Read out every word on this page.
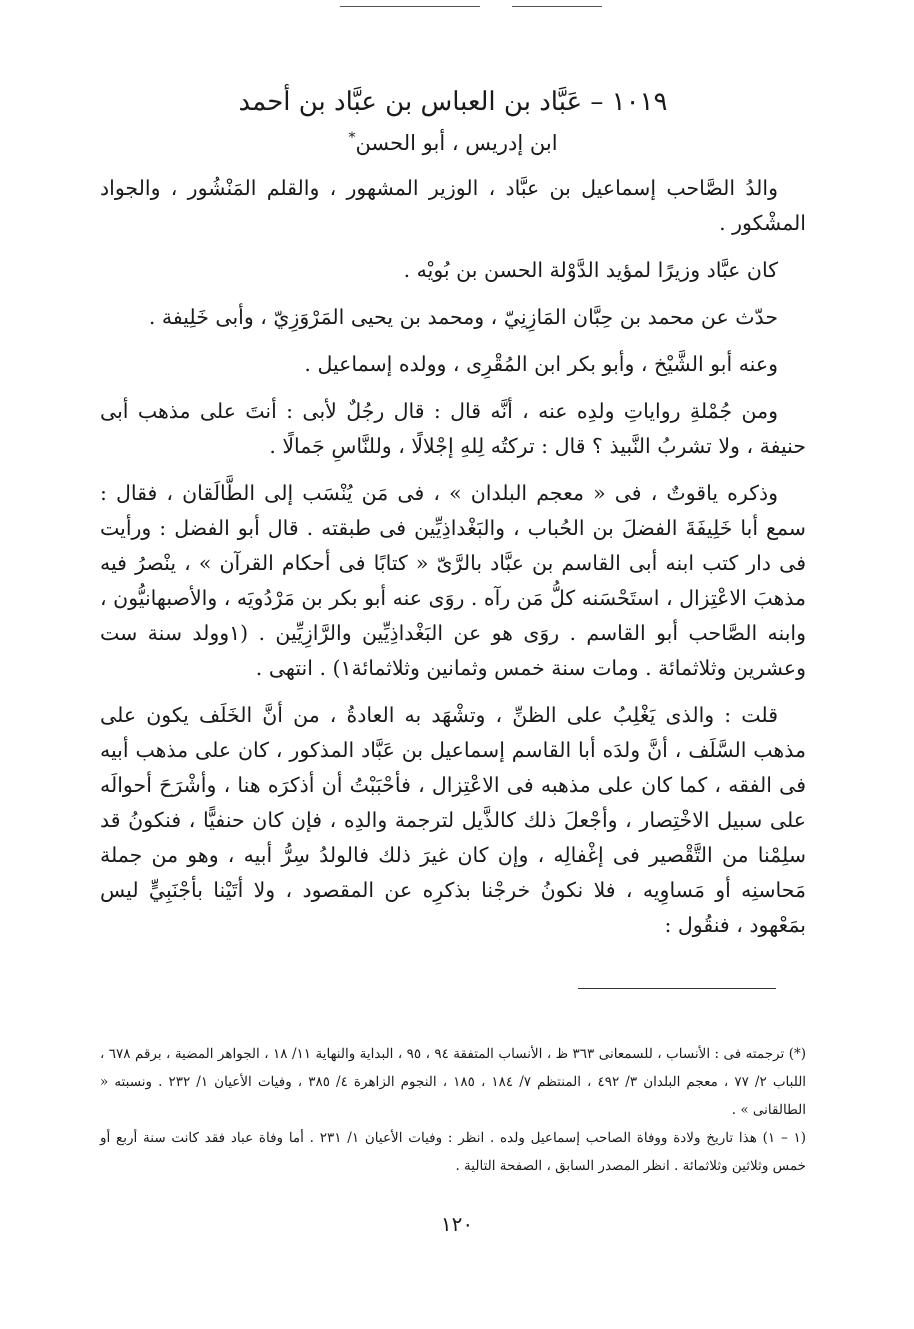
١٠١٩ – عَبَّاد بن العباس بن عبَّاد بن أحمد

ابن إدريس ، أبو الحسن*

والدُ الصَّاحب إسماعيل بن عبَّاد ، الوزير المشهور ، والقلم المَنْشُور ، والجواد المشْكور .

كان عبَّاد وزيرًا لمؤيد الدَّوْلة الحسن بن بُويْه .

حدّث عن محمد بن حِبَّان المَازِنِيّ ، ومحمد بن يحيى المَرْوَزِيّ ، وأبى خَلِيفة .

وعنه أبو الشَّيْخ ، وأبو بكر ابن المُقْرِى ، وولده إسماعيل .

ومن جُمْلةِ رواياتِ ولدِه عنه ، أنَّه قال : قال رجُلٌ لأبى : أنتَ على مذهب أبى حنيفة ، ولا تشربُ النَّبيذ ؟ قال : تركتُه لِلهِ إجْلالًا ، وللنَّاسِ جَمالًا .

وذكره ياقوتٌ ، فى « معجم البلدان » ، فى مَن يُنْسَب إلى الطَّالَقان ، فقال : سمع أبا خَلِيفَةَ الفضلَ بن الحُباب ، والبَغْداذِيِّين فى طبقته . قال أبو الفضل : ورأيت فى دار كتب ابنه أبى القاسم بن عبَّاد بالرَّىّ « كتابًا فى أحكام القرآن » ، ينْصرُ فيه مذهبَ الاعْتِزال ، استَحْسَنه كلُّ مَن رآه . روَى عنه أبو بكر بن مَرْدُويَه ، والأصبهانيُّون ، وابنه الصَّاحب أبو القاسم . روَى هو عن البَغْداذِيِّين والرَّازِيِّين . (١وولد سنة ست وعشرين وثلاثمائة . ومات سنة خمس وثمانين وثلاثمائة١) . انتهى .

قلت : والذى يَغْلِبُ على الظنِّ ، وتشْهَد به العادةُ ، من أنَّ الخَلَف يكون على مذهب السَّلَف ، أنَّ ولدَه أبا القاسم إسماعيل بن عَبَّاد المذكور ، كان على مذهب أبيه فى الفقه ، كما كان على مذهبه فى الاعْتِزال ، فأحْبَبْتُ أن أذكرَه هنا ، وأشْرَحَ أحوالَه على سبيل الاخْتِصار ، وأجْعلَ ذلك كالذَّيل لترجمة والدِه ، فإن كان حنفيًّا ، فنكونُ قد سلِمْنا من التَّقْصير فى إغْفالِه ، وإن كان غيرَ ذلك فالولدُ سِرُّ أبيه ، وهو من جملة مَحاسنِه أو مَساوِيه ، فلا نكونُ خرجْنا بذكرِه عن المقصود ، ولا أتَيْنا بأجْنَبِيٍّ ليس بمَعْهود ، فنقُول :

(*) ترجمته فى : الأنساب ، للسمعانى ٣٦٣ ظ ، الأنساب المتفقة ٩٤ ، ٩٥ ، البداية والنهاية ١١/ ١٨ ، الجواهر المضية ، برقم ٦٧٨ ، اللباب ٢/ ٧٧ ، معجم البلدان ٣/ ٤٩٢ ، المنتظم ٧/ ١٨٤ ، ١٨٥ ، النجوم الزاهرة ٤/ ٣٨٥ ، وفيات الأعيان ١/ ٢٣٢ . ونسبته « الطالقانى » .

(١ – ١) هذا تاريخ ولادة ووفاة الصاحب إسماعيل ولده . انظر : وفيات الأعيان ١/ ٢٣١ . أما وفاة عباد فقد كانت سنة أربع أو خمس وثلاثين وثلاثمائة . انظر المصدر السابق ، الصفحة التالية .

١٢٠
